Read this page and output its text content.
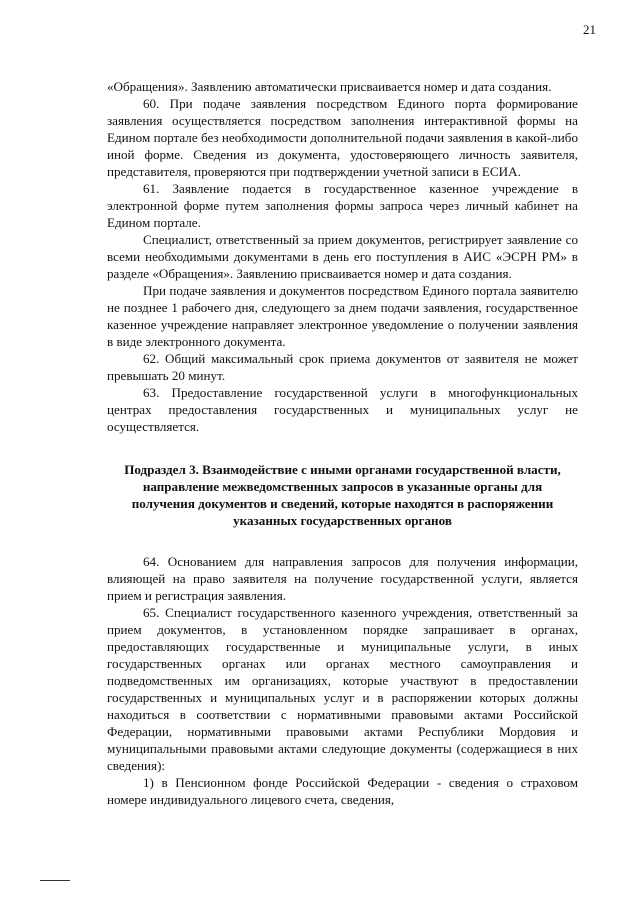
21

«Обращения». Заявлению автоматически присваивается номер и дата создания.

60. При подаче заявления посредством Единого порта формирование заявления осуществляется посредством заполнения интерактивной формы на Едином портале без необходимости дополнительной подачи заявления в какой-либо иной форме. Сведения из документа, удостоверяющего личность заявителя, представителя, проверяются при подтверждении учетной записи в ЕСИА.

61. Заявление подается в государственное казенное учреждение в электронной форме путем заполнения формы запроса через личный кабинет на Едином портале.

Специалист, ответственный за прием документов, регистрирует заявление со всеми необходимыми документами в день его поступления в АИС «ЭСРН РМ» в разделе «Обращения». Заявлению присваивается номер и дата создания.

При подаче заявления и документов посредством Единого портала заявителю не позднее 1 рабочего дня, следующего за днем подачи заявления, государственное казенное учреждение направляет электронное уведомление о получении заявления в виде электронного документа.

62. Общий максимальный срок приема документов от заявителя не может превышать 20 минут.

63. Предоставление государственной услуги в многофункциональных центрах предоставления государственных и муниципальных услуг не осуществляется.

Подраздел 3. Взаимодействие с иными органами государственной власти, направление межведомственных запросов в указанные органы для получения документов и сведений, которые находятся в распоряжении указанных государственных органов

64. Основанием для направления запросов для получения информации, влияющей на право заявителя на получение государственной услуги, является прием и регистрация заявления.

65. Специалист государственного казенного учреждения, ответственный за прием документов, в установленном порядке запрашивает в органах, предоставляющих государственные и муниципальные услуги, в иных государственных органах или органах местного самоуправления и подведомственных им организациях, которые участвуют в предоставлении государственных и муниципальных услуг и в распоряжении которых должны находиться в соответствии с нормативными правовыми актами Российской Федерации, нормативными правовыми актами Республики Мордовия и муниципальными правовыми актами следующие документы (содержащиеся в них сведения):

1) в Пенсионном фонде Российской Федерации - сведения о страховом номере индивидуального лицевого счета, сведения,
